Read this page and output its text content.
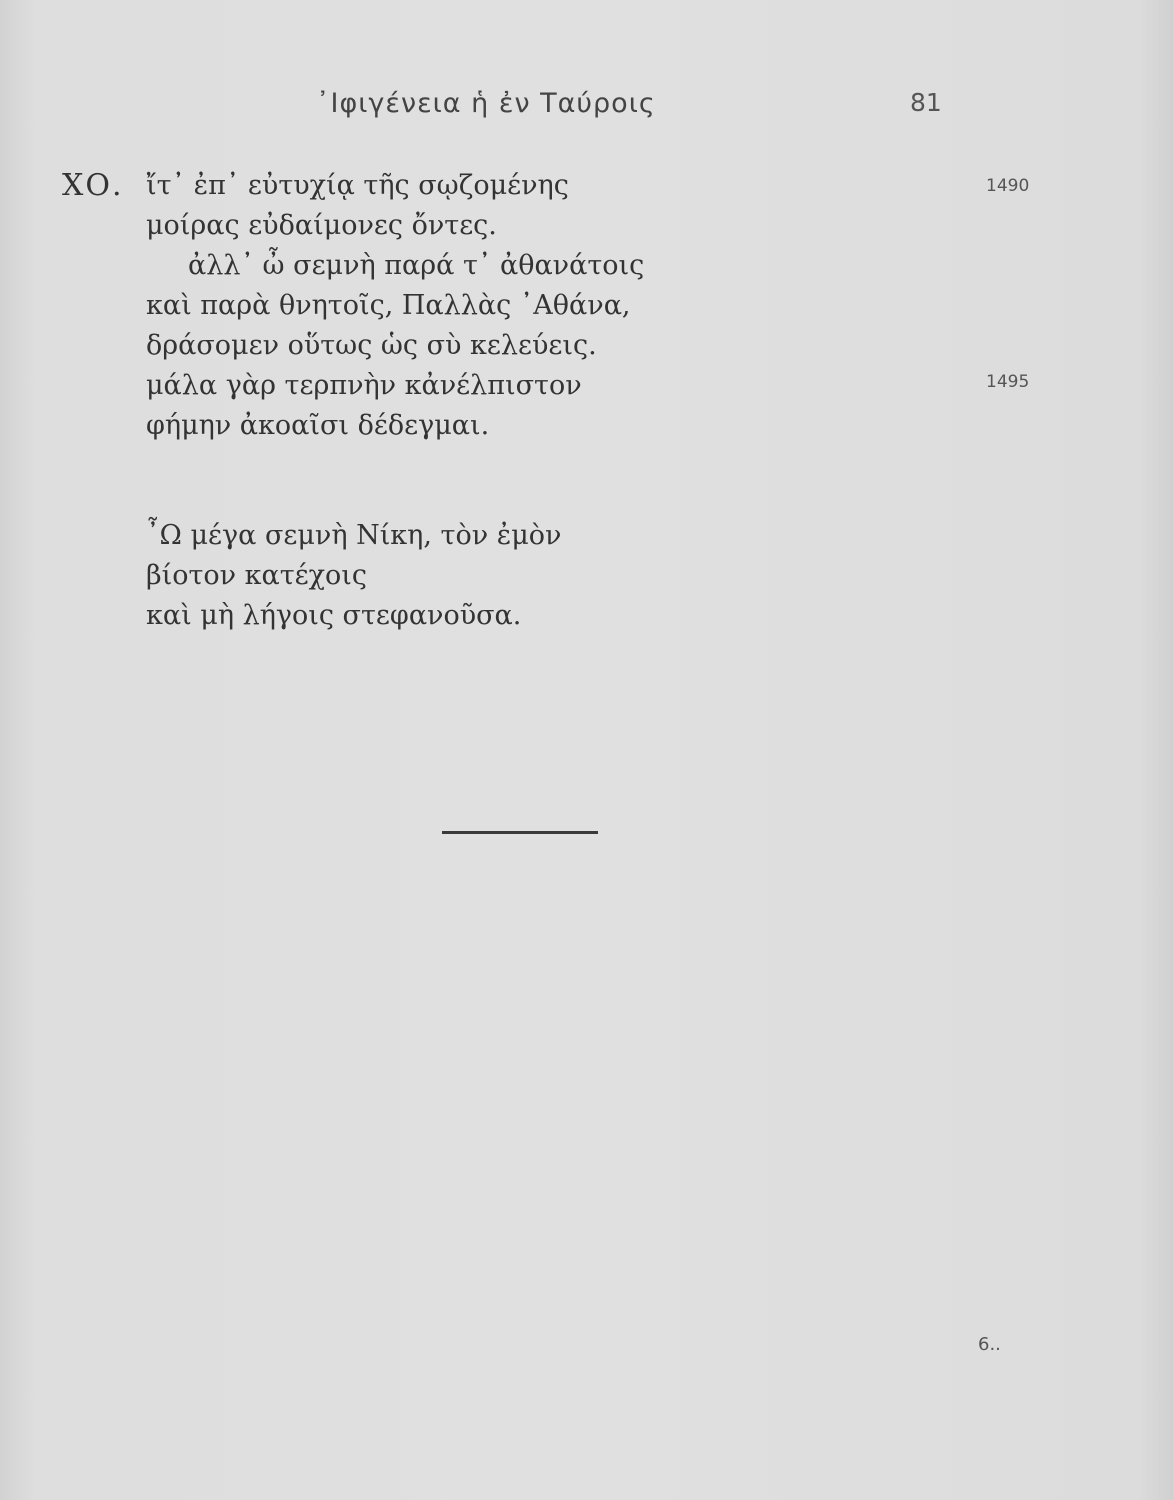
᾽Ιφιγένεια ἡ ἐν Ταύροις	81
ΧΟ. ἴτ᾽ ἐπ᾽ εὐτυχίᾳ τῆς σῳζομένης
μοίρας εὐδαίμονες ὄντες.
ἀλλ᾽ ὦ σεμνὴ παρά τ᾽ ἀθανάτοις
καὶ παρὰ θνητοῖς, Παλλὰς ᾽Αθάνα,
δράσομεν οὕτως ὡς σὺ κελεύεις.
μάλα γὰρ τερπνὴν κἀνέλπιστον
φήμην ἀκοαῖσι δέδεγμαι.
1490
1495
῏Ω μέγα σεμνὴ Νίκη, τὸν ἐμὸν
βίοτον κατέχοις
καὶ μὴ λήγοις στεφανοῦσα.
6..
